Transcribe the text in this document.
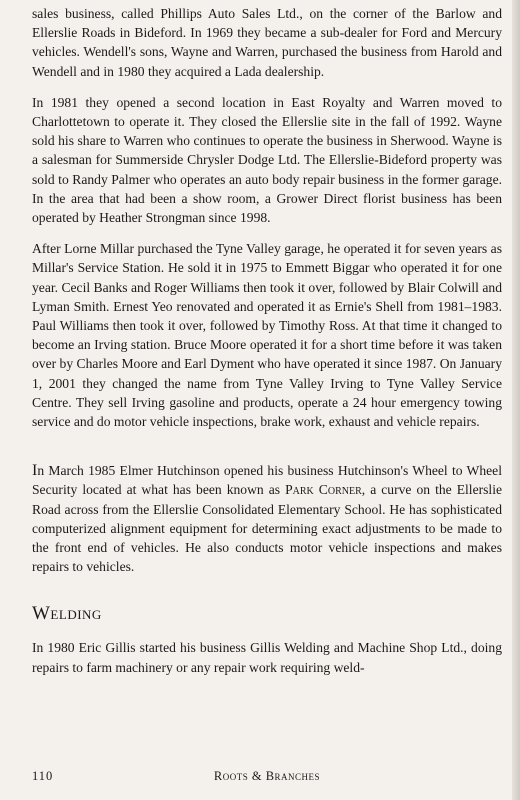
sales business, called Phillips Auto Sales Ltd., on the corner of the Barlow and Ellerslie Roads in Bideford. In 1969 they became a sub-dealer for Ford and Mercury vehicles. Wendell's sons, Wayne and Warren, purchased the business from Harold and Wendell and in 1980 they acquired a Lada dealership.

In 1981 they opened a second location in East Royalty and Warren moved to Charlottetown to operate it. They closed the Ellerslie site in the fall of 1992. Wayne sold his share to Warren who continues to operate the business in Sherwood. Wayne is a salesman for Summerside Chrysler Dodge Ltd. The Ellerslie-Bideford property was sold to Randy Palmer who operates an auto body repair business in the former garage. In the area that had been a show room, a Grower Direct florist business has been operated by Heather Strongman since 1998.

After Lorne Millar purchased the Tyne Valley garage, he operated it for seven years as Millar's Service Station. He sold it in 1975 to Emmett Biggar who operated it for one year. Cecil Banks and Roger Williams then took it over, followed by Blair Colwill and Lyman Smith. Ernest Yeo renovated and operated it as Ernie's Shell from 1981–1983. Paul Williams then took it over, followed by Timothy Ross. At that time it changed to become an Irving station. Bruce Moore operated it for a short time before it was taken over by Charles Moore and Earl Dyment who have operated it since 1987. On January 1, 2001 they changed the name from Tyne Valley Irving to Tyne Valley Service Centre. They sell Irving gasoline and products, operate a 24 hour emergency towing service and do motor vehicle inspections, brake work, exhaust and vehicle repairs.

In March 1985 Elmer Hutchinson opened his business Hutchinson's Wheel to Wheel Security located at what has been known as Park Corner, a curve on the Ellerslie Road across from the Ellerslie Consolidated Elementary School. He has sophisticated computerized alignment equipment for determining exact adjustments to be made to the front end of vehicles. He also conducts motor vehicle inspections and makes repairs to vehicles.

Welding

In 1980 Eric Gillis started his business Gillis Welding and Machine Shop Ltd., doing repairs to farm machinery or any repair work requiring weld-

110	Roots & Branches
